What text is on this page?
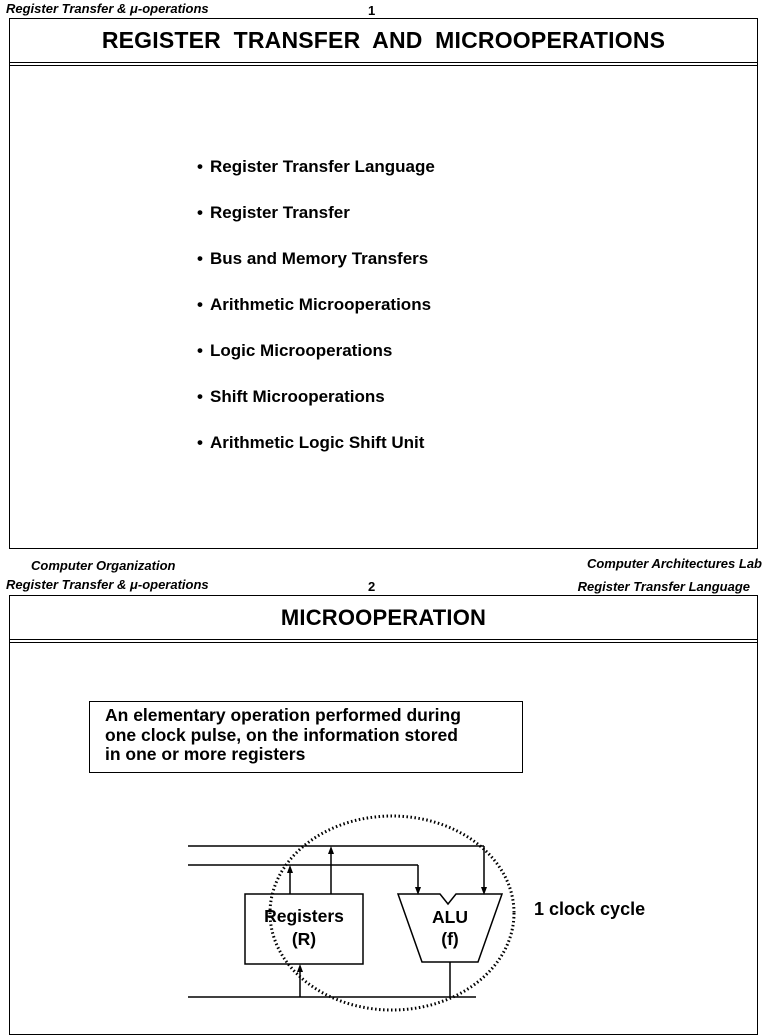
Register Transfer & μ-operations	1
REGISTER TRANSFER AND MICROOPERATIONS
• Register Transfer Language
• Register Transfer
• Bus and Memory Transfers
• Arithmetic Microoperations
• Logic Microoperations
• Shift Microoperations
• Arithmetic Logic Shift Unit
Computer Organization	Computer Architectures Lab
Register Transfer & μ-operations	2	Register Transfer Language
MICROOPERATION
An elementary operation performed during
one clock pulse, on the information stored
in one or more registers
Registers
(R)
ALU
(f)
1 clock cycle
